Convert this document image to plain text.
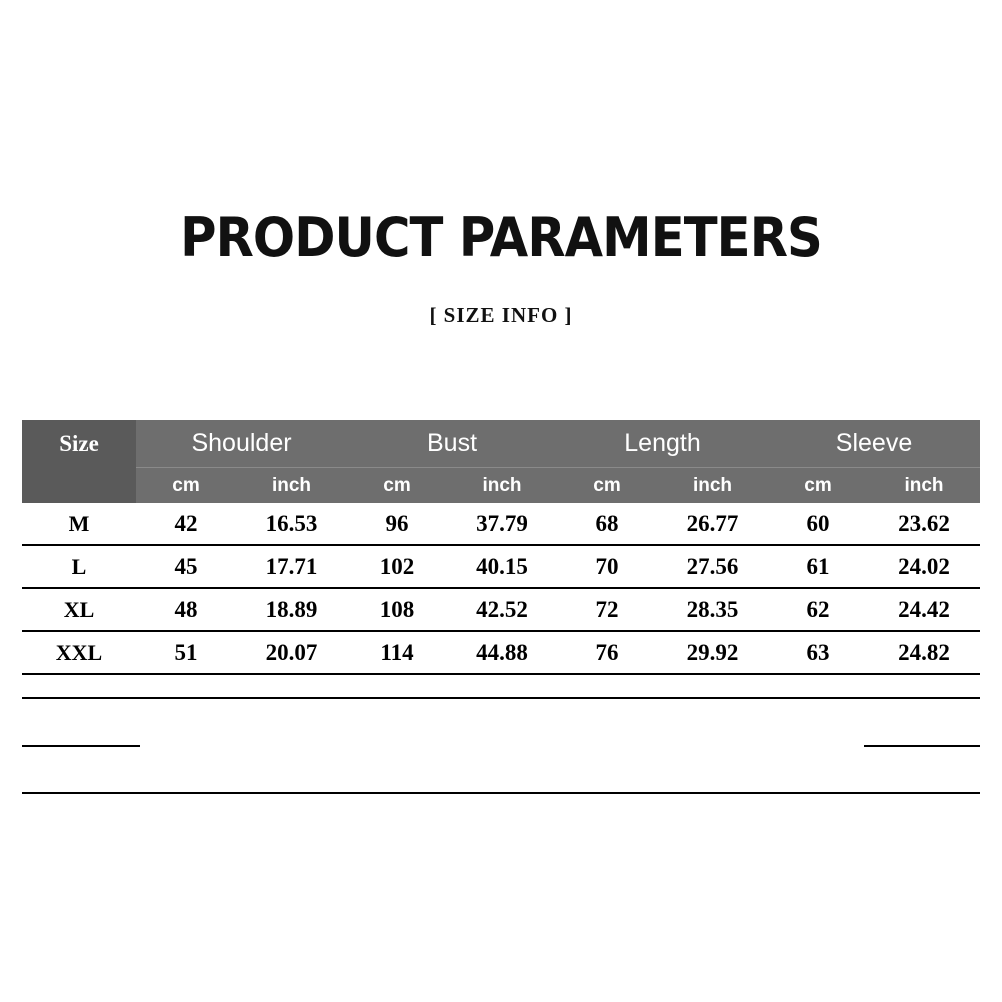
PRODUCT PARAMETERS
[ SIZE INFO ]
Size	Shoulder		Bust		Length		Sleeve	
	cm	inch	cm	inch	cm	inch	cm	inch
M	42	16.53	96	37.79	68	26.77	60	23.62
L	45	17.71	102	40.15	70	27.56	61	24.02
XL	48	18.89	108	42.52	72	28.35	62	24.42
XXL	51	20.07	114	44.88	76	29.92	63	24.82
